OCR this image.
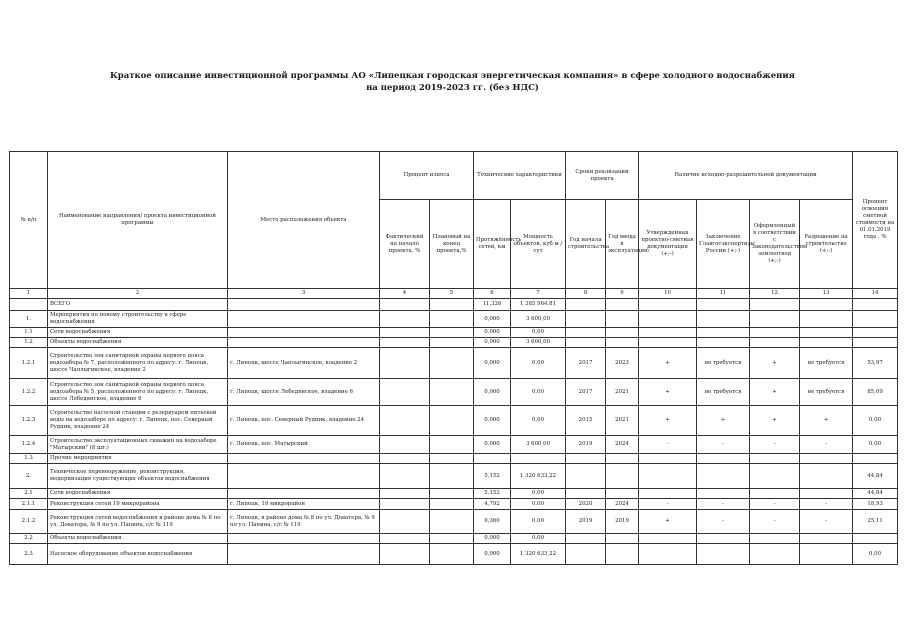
Краткое описание инвестиционной программы АО «Липецкая городская энергетическая компания» в сфере холодного водоснабжения
на период 2019-2023 гг. (без НДС)
№ п/п	Наименование направления/ проекта инвестиционной программы	Место расположения объекта	Процент износа		Технические характеристики		Сроки реализации проекта		Наличие исходно-разрешительной документации				Процент освоения сметной стоимости на 01.01.2019 года , %
			Фактический на начало проекта, %	Плановый на конец проекта,%	Протяжённость сетей, км	Мощность объектов, куб м /сут	Год начала строительства	Год ввода в эксплуатацию	Утвержденная проектно-сметная документация (+;-)	Заключение Главгосэкспертизы России (+;-)	Оформленный в соответствии с законодательством землеотвод (+;-)	Разрешение на строительство (+;-)	
1	2	3	4	5	6	7	8	9	10	11	12	13	14
	ВСЕГО				11,326	1 385 964,81							
1.	Мероприятия по новому строительству в сфере водоснабжения				0,000	3 600,00							
1.1	Сети водоснабжения				0,000	0,00							
1.2	Объекты водоснабжения				0,000	3 600,00							
1.2.1	Строительство зон санитарной охраны первого пояса водозабора № 7, расположенного по адресу: г. Липецк, шоссе Чаплыгинское, владение 2	г. Липецк, шоссе Чаплыгинское, владение 2			0,000	0,00	2017	2023	+	не требуется	+	не требуется	53,97
1.2.2	Строительство зон санитарной охраны первого пояса водозабора № 5, расположенного по адресу: г. Липецк, шоссе Лебедянское, владение 6	г. Липецк, шоссе Лебедянское, владение 6			0,000	0,00	2017	2021	+	не требуется	+	не требуется	85,09
1.2.3	Строительство насосной станции с резервуаром питьевой воды на водозаборе по адресу: г. Липецк, пос. Северный Рудник, владение 24	г. Липецк, пос. Северный Рудник, владение 24			0,000	0,00	2015	2021	+	+	+	+	0,00
1.2.4	Строительство эксплуатационных скважин на водозаборе "Матырский" (8 шт.)	г. Липецк, пос. Матырский			0,000	3 600,00	2019	2024	-	-	-	-	0,00
1.3	Прочие мероприятия												
2.	Техническое перевооружение, реконструкция, модернизация существующих объектов водоснабжения				5,152	1 320 633,22							44,84
2.1	Сети водоснабжения				5,152	0,00							44,84
2.1.1	Реконструкция сетей 19 микрорайона	г. Липецк, 19 микрорайон			4,792	0,00	2020	2024	-	-	-	-	18,93
2.1.2	Реконструкция сетей водоснабжения в районе дома № 8 по ул. Доватора, № 9 по ул. Папина, с/с № 119	г. Липецк, в районе дома № 8 по ул. Доватора, № 9 по ул. Папина, с/с № 119			0,360	0,00	2019	2019	+	-	-	-	25,11
2.2	Объекты водоснабжения				0,000	0,00							
2.3	Насосное оборудование объектов водоснабжения				0,000	1 320 633,22							0,00
